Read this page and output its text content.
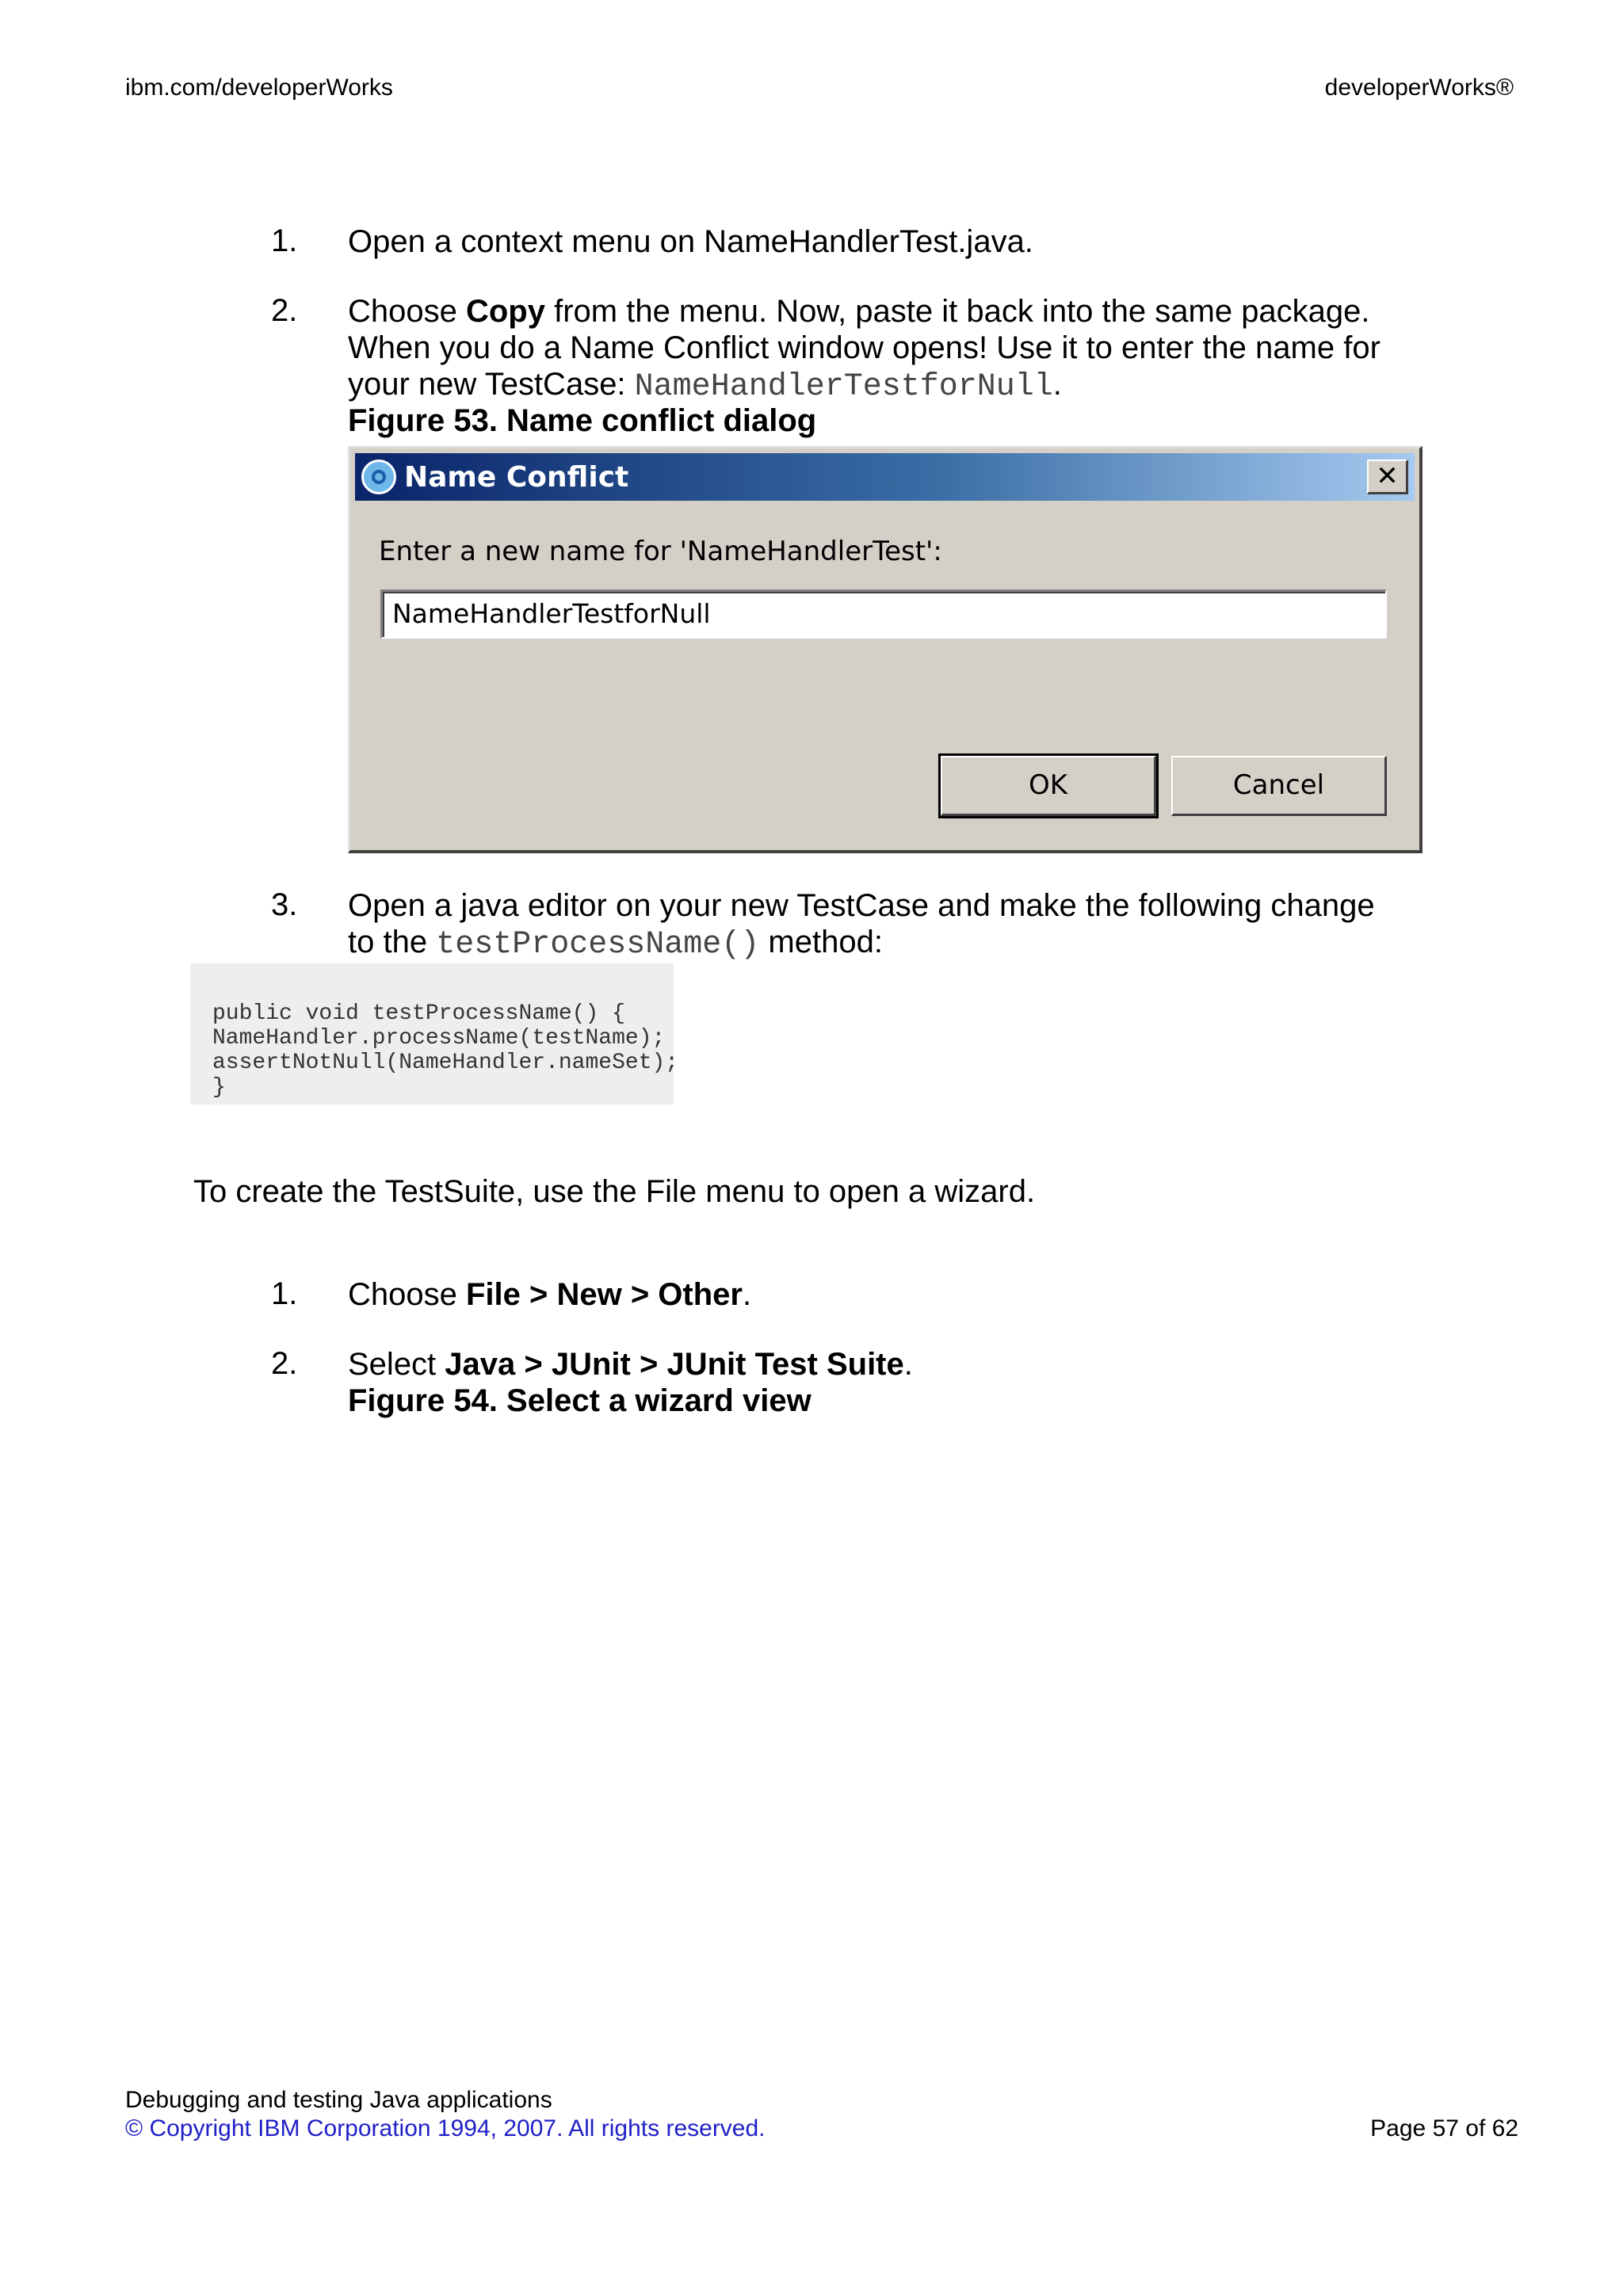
ibm.com/developerWorks	developerWorks®
1. Open a context menu on NameHandlerTest.java.
2. Choose Copy from the menu. Now, paste it back into the same package.
When you do a Name Conflict window opens! Use it to enter the name for
your new TestCase: NameHandlerTestforNull.
Figure 53. Name conflict dialog
Name Conflict	✕
Enter a new name for 'NameHandlerTest':
NameHandlerTestforNull
OK	Cancel
3. Open a java editor on your new TestCase and make the following change
to the testProcessName() method:
public void testProcessName() {
NameHandler.processName(testName);
assertNotNull(NameHandler.nameSet);
}
To create the TestSuite, use the File menu to open a wizard.
1. Choose File > New > Other.
2. Select Java > JUnit > JUnit Test Suite.
Figure 54. Select a wizard view
Debugging and testing Java applications
© Copyright IBM Corporation 1994, 2007. All rights reserved.	Page 57 of 62
